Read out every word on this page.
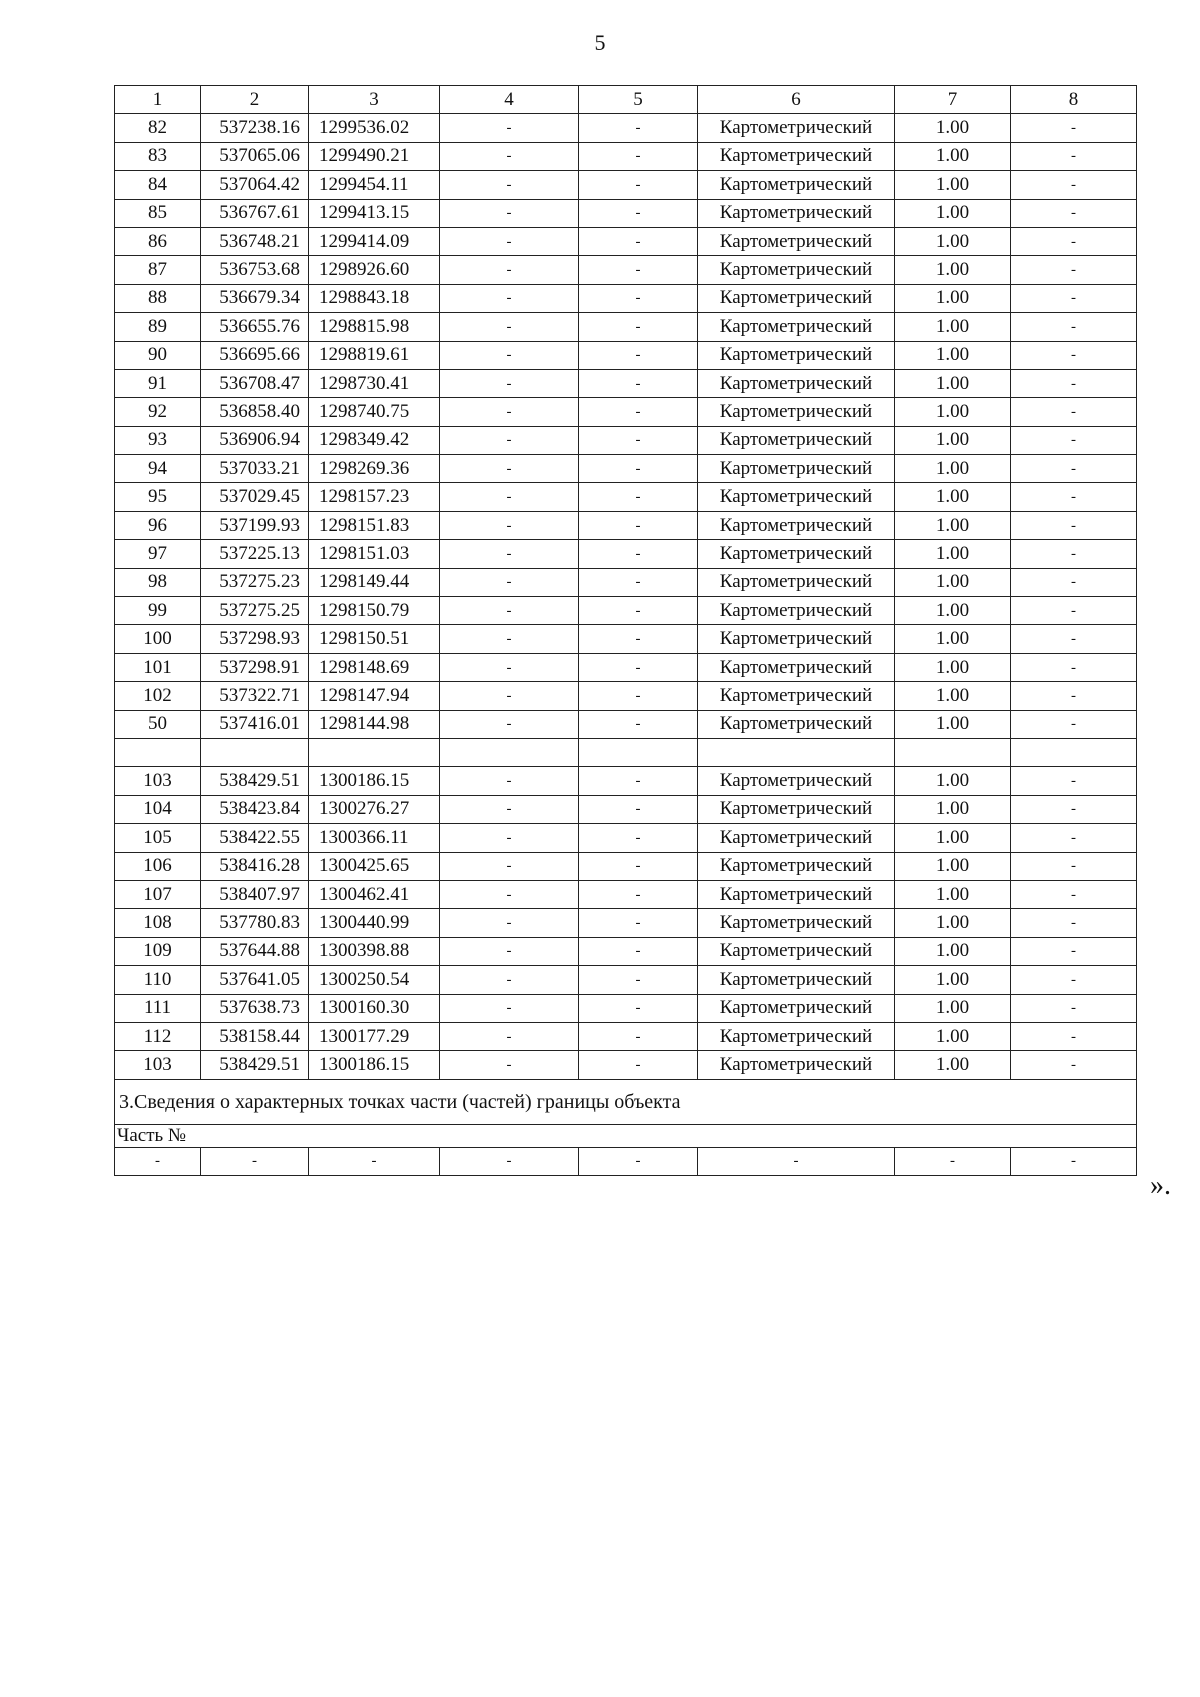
5
1	2	3	4	5	6	7	8
82	537238.16	1299536.02	-	-	Картометрический	1.00	-
83	537065.06	1299490.21	-	-	Картометрический	1.00	-
84	537064.42	1299454.11	-	-	Картометрический	1.00	-
85	536767.61	1299413.15	-	-	Картометрический	1.00	-
86	536748.21	1299414.09	-	-	Картометрический	1.00	-
87	536753.68	1298926.60	-	-	Картометрический	1.00	-
88	536679.34	1298843.18	-	-	Картометрический	1.00	-
89	536655.76	1298815.98	-	-	Картометрический	1.00	-
90	536695.66	1298819.61	-	-	Картометрический	1.00	-
91	536708.47	1298730.41	-	-	Картометрический	1.00	-
92	536858.40	1298740.75	-	-	Картометрический	1.00	-
93	536906.94	1298349.42	-	-	Картометрический	1.00	-
94	537033.21	1298269.36	-	-	Картометрический	1.00	-
95	537029.45	1298157.23	-	-	Картометрический	1.00	-
96	537199.93	1298151.83	-	-	Картометрический	1.00	-
97	537225.13	1298151.03	-	-	Картометрический	1.00	-
98	537275.23	1298149.44	-	-	Картометрический	1.00	-
99	537275.25	1298150.79	-	-	Картометрический	1.00	-
100	537298.93	1298150.51	-	-	Картометрический	1.00	-
101	537298.91	1298148.69	-	-	Картометрический	1.00	-
102	537322.71	1298147.94	-	-	Картометрический	1.00	-
50	537416.01	1298144.98	-	-	Картометрический	1.00	-

103	538429.51	1300186.15	-	-	Картометрический	1.00	-
104	538423.84	1300276.27	-	-	Картометрический	1.00	-
105	538422.55	1300366.11	-	-	Картометрический	1.00	-
106	538416.28	1300425.65	-	-	Картометрический	1.00	-
107	538407.97	1300462.41	-	-	Картометрический	1.00	-
108	537780.83	1300440.99	-	-	Картометрический	1.00	-
109	537644.88	1300398.88	-	-	Картометрический	1.00	-
110	537641.05	1300250.54	-	-	Картометрический	1.00	-
111	537638.73	1300160.30	-	-	Картометрический	1.00	-
112	538158.44	1300177.29	-	-	Картометрический	1.00	-
103	538429.51	1300186.15	-	-	Картометрический	1.00	-
3.Сведения о характерных точках части (частей) границы объекта							
Часть №							
-	-	-	-	-	-	-	-
».
